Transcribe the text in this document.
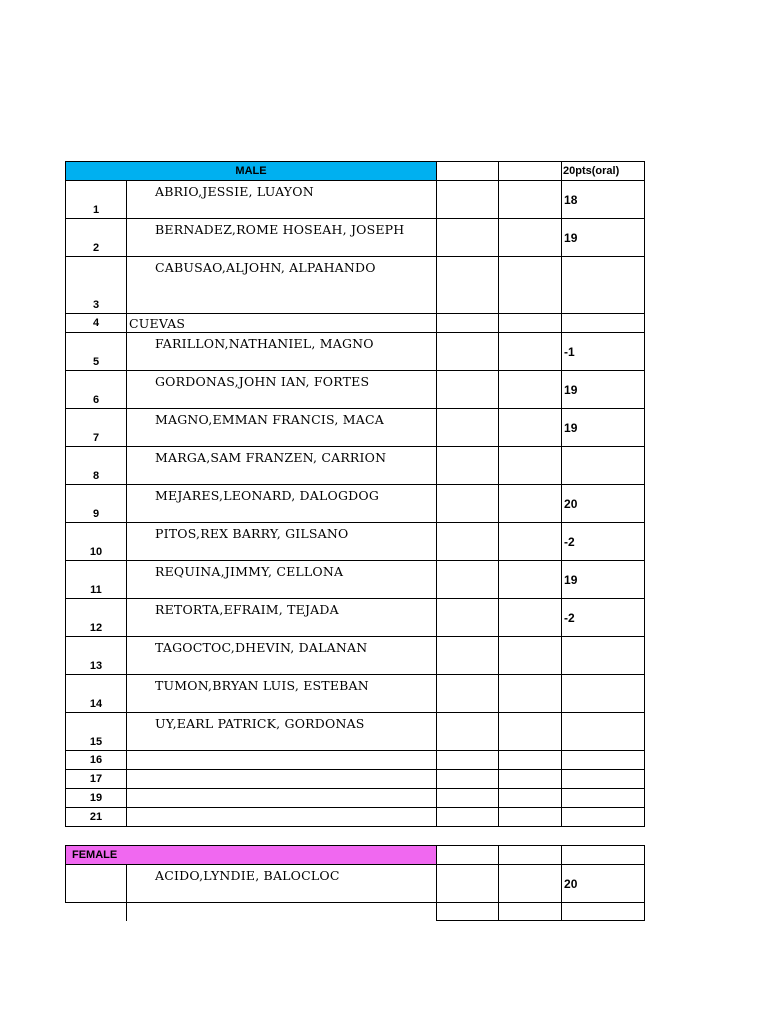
MALE				20pts(oral)
1	ABRIO,JESSIE, LUAYON			18
2	BERNADEZ,ROME HOSEAH, JOSEPH			19
3	CABUSAO,ALJOHN, ALPAHANDO			
4	CUEVAS			
5	FARILLON,NATHANIEL, MAGNO			-1
6	GORDONAS,JOHN IAN, FORTES			19
7	MAGNO,EMMAN FRANCIS, MACA			19
8	MARGA,SAM FRANZEN, CARRION			
9	MEJARES,LEONARD, DALOGDOG			20
10	PITOS,REX BARRY, GILSANO			-2
11	REQUINA,JIMMY, CELLONA			19
12	RETORTA,EFRAIM, TEJADA			-2
13	TAGOCTOC,DHEVIN, DALANAN			
14	TUMON,BRYAN LUIS, ESTEBAN			
15	UY,EARL PATRICK, GORDONAS			
16				
17				
19				
21				
FEMALE				
	ACIDO,LYNDIE, BALOCLOC			20
